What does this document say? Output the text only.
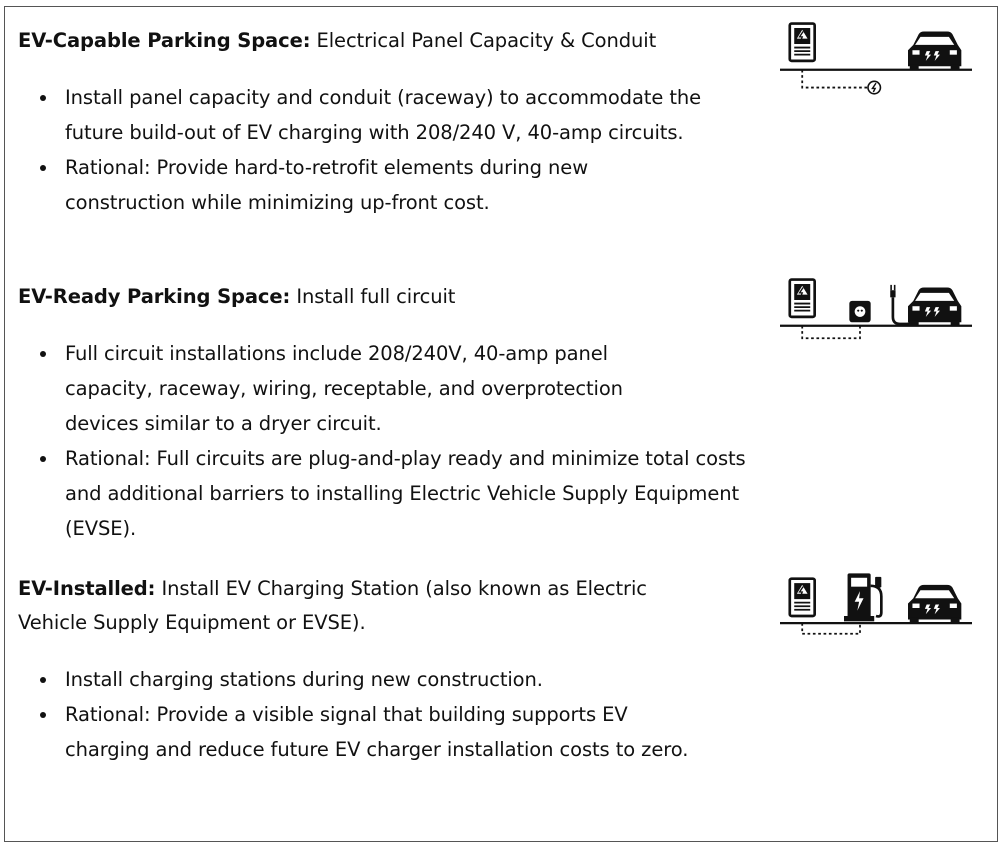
EV-Capable Parking Space: Electrical Panel Capacity & Conduit

Install panel capacity and conduit (raceway) to accommodate the future build-out of EV charging with 208/240 V, 40-amp circuits.
Rational: Provide hard-to-retrofit elements during new construction while minimizing up-front cost.

EV-Ready Parking Space: Install full circuit

Full circuit installations include 208/240V, 40-amp panel capacity, raceway, wiring, receptable, and overprotection devices similar to a dryer circuit.
Rational: Full circuits are plug-and-play ready and minimize total costs and additional barriers to installing Electric Vehicle Supply Equipment (EVSE).

EV-Installed: Install EV Charging Station (also known as Electric Vehicle Supply Equipment or EVSE).

Install charging stations during new construction.
Rational: Provide a visible signal that building supports EV charging and reduce future EV charger installation costs to zero.
